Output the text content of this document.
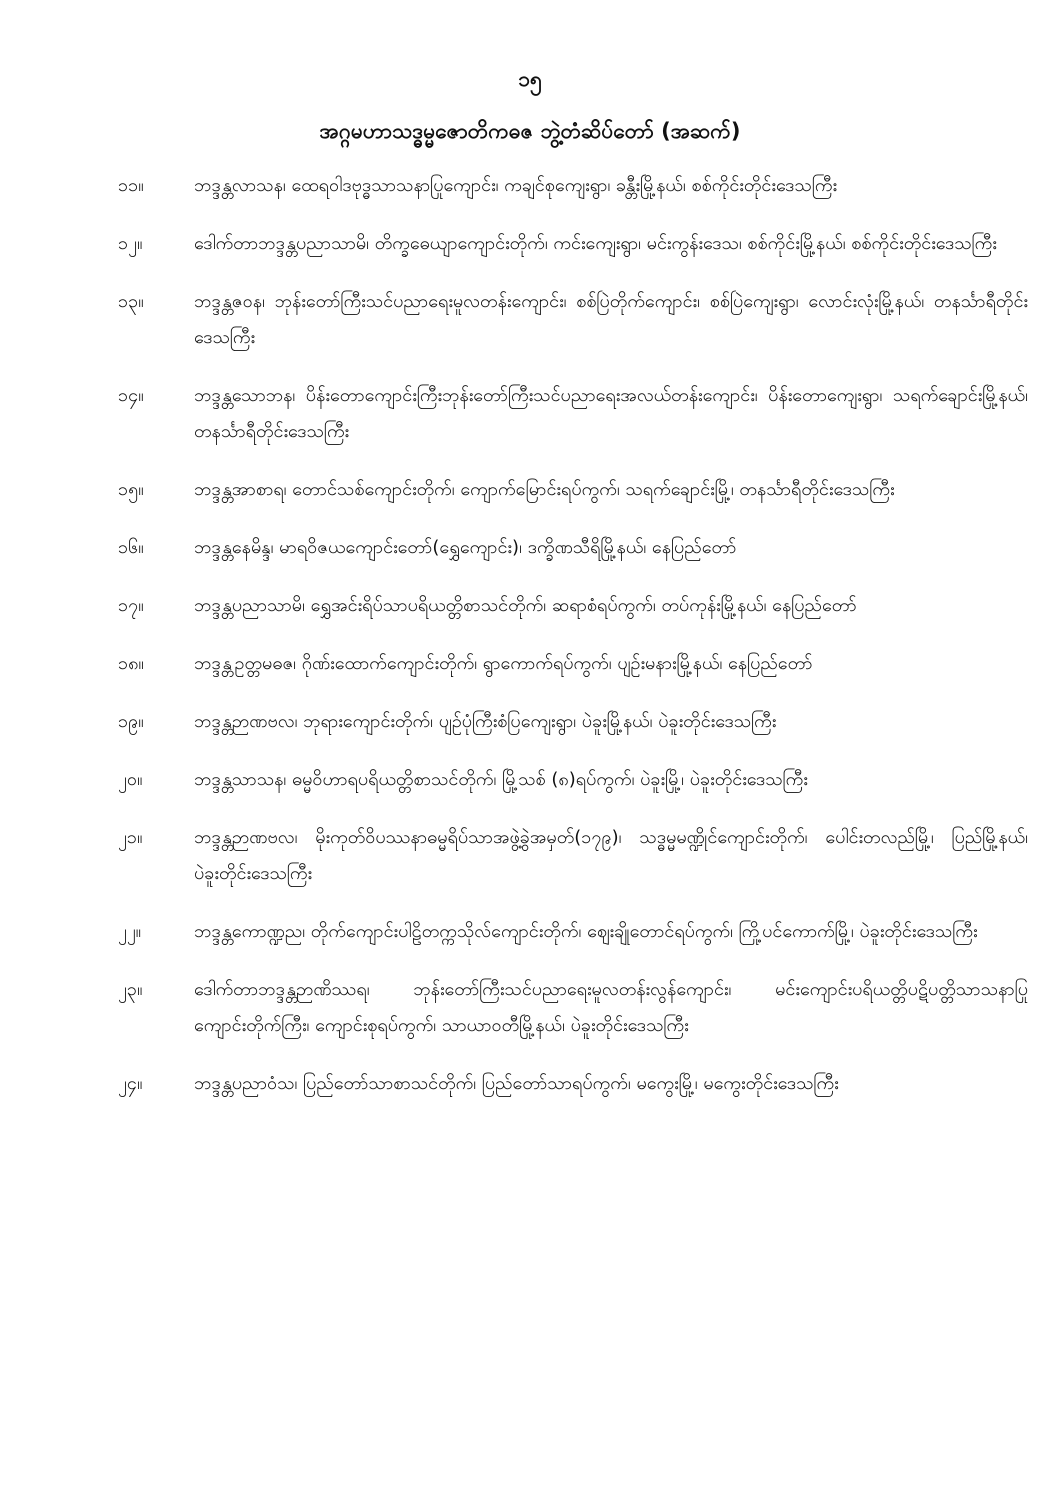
၁၅
အဂ္ဂမဟာသဒ္ဓမ္မဇောတိကဓဇ ဘွဲ့တံဆိပ်တော် (အဆက်)
၁၁။	ဘဒ္ဒန္တလာသန၊ ထေရဝါဒဗုဒ္ဓသာသနာပြုကျောင်း၊ ကချင်စုကျေးရွာ၊ ခန္တီးမြို့နယ်၊ စစ်ကိုင်းတိုင်းဒေသကြီး
၁၂။	ဒေါက်တာဘဒ္ဒန္တပညာသာမိ၊ တိက္ခဓေယျာကျောင်းတိုက်၊ ကင်းကျေးရွာ၊ မင်းကွန်းဒေသ၊ စစ်ကိုင်းမြို့နယ်၊ စစ်ကိုင်းတိုင်းဒေသကြီး
၁၃။	ဘဒ္ဒန္တဇဝန၊ ဘုန်းတော်ကြီးသင်ပညာရေးမူလတန်းကျောင်း၊ စစ်ပြဲတိုက်ကျောင်း၊ စစ်ပြဲကျေးရွာ၊ လောင်းလုံးမြို့နယ်၊ တနင်္သာရီတိုင်းဒေသကြီး
၁၄။	ဘဒ္ဒန္တသောဘန၊ ပိန်းတောကျောင်းကြီးဘုန်းတော်ကြီးသင်ပညာရေးအလယ်တန်းကျောင်း၊ ပိန်းတောကျေးရွာ၊ သရက်ချောင်းမြို့နယ်၊ တနင်္သာရီတိုင်းဒေသကြီး
၁၅။	ဘဒ္ဒန္တအာစာရ၊ တောင်သစ်ကျောင်းတိုက်၊ ကျောက်မြောင်းရပ်ကွက်၊ သရက်ချောင်းမြို့၊ တနင်္သာရီတိုင်းဒေသကြီး
၁၆။	ဘဒ္ဒန္တနေမိန္ဒ၊ မာရဝိဇယကျောင်းတော်(ရွှေကျောင်း)၊ ဒက္ခိဏသီရိမြို့နယ်၊ နေပြည်တော်
၁၇။	ဘဒ္ဒန္တပညာသာမိ၊ ရွှေအင်းရိပ်သာပရိယတ္တိစာသင်တိုက်၊ ဆရာစံရပ်ကွက်၊ တပ်ကုန်းမြို့နယ်၊ နေပြည်တော်
၁၈။	ဘဒ္ဒန္တဥတ္တမဓဇ၊ ဂိုဏ်းထောက်ကျောင်းတိုက်၊ ရွာကောက်ရပ်ကွက်၊ ပျဉ်းမနားမြို့နယ်၊ နေပြည်တော်
၁၉။	ဘဒ္ဒန္တဉာဏဗလ၊ ဘုရားကျောင်းတိုက်၊ ပျဉ်ပုံကြီးစံပြကျေးရွာ၊ ပဲခူးမြို့နယ်၊ ပဲခူးတိုင်းဒေသကြီး
၂၀။	ဘဒ္ဒန္တသာသန၊ ဓမ္မဝိဟာရပရိယတ္တိစာသင်တိုက်၊ မြို့သစ် (၈)ရပ်ကွက်၊ ပဲခူးမြို့၊ ပဲခူးတိုင်းဒေသကြီး
၂၁။	ဘဒ္ဒန္တဉာဏဗလ၊ မိုးကုတ်ဝိပဿနာဓမ္မရိပ်သာအဖွဲ့ခွဲအမှတ်(၁၇၉)၊ သဒ္ဓမ္မမဏ္ဍိုင်ကျောင်းတိုက်၊ ပေါင်းတလည်မြို့၊ ပြည်မြို့နယ်၊ ပဲခူးတိုင်းဒေသကြီး
၂၂။	ဘဒ္ဒန္တကောဏ္ဍည၊ တိုက်ကျောင်းပါဠိတက္ကသိုလ်ကျောင်းတိုက်၊ ဈေးချိုတောင်ရပ်ကွက်၊ ကြို့ပင်ကောက်မြို့၊ ပဲခူးတိုင်းဒေသကြီး
၂၃။	ဒေါက်တာဘဒ္ဒန္တဉာဏိဿရ၊ ဘုန်းတော်ကြီးသင်ပညာရေးမူလတန်းလွန်ကျောင်း၊ မင်းကျောင်းပရိယတ္တိပဋိပတ္တိသာသနာပြုကျောင်းတိုက်ကြီး၊ ကျောင်းစုရပ်ကွက်၊ သာယာဝတီမြို့နယ်၊ ပဲခူးတိုင်းဒေသကြီး
၂၄။	ဘဒ္ဒန္တပညာဝံသ၊ ပြည်တော်သာစာသင်တိုက်၊ ပြည်တော်သာရပ်ကွက်၊ မကွေးမြို့၊ မကွေးတိုင်းဒေသကြီး
